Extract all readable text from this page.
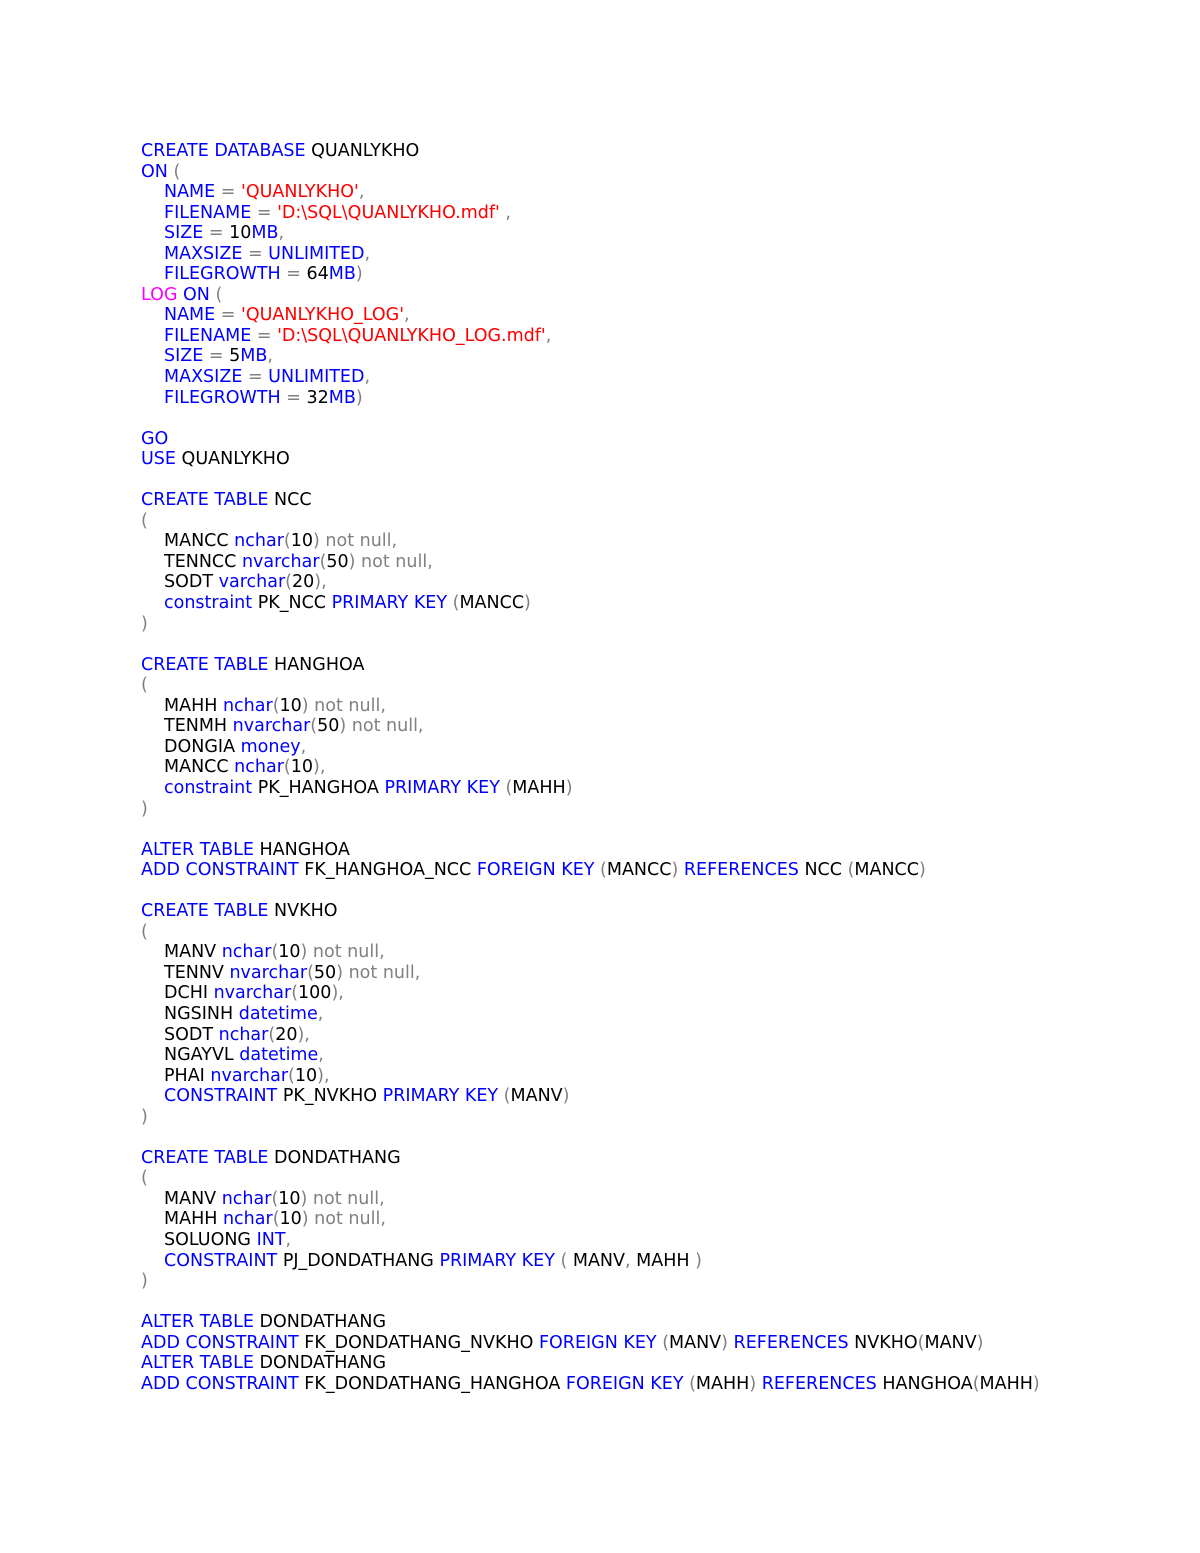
CREATE DATABASE QUANLYKHO
ON (
NAME = 'QUANLYKHO',
FILENAME = 'D:\SQL\QUANLYKHO.mdf' ,
SIZE = 10MB,
MAXSIZE = UNLIMITED,
FILEGROWTH = 64MB)
LOG ON (
NAME = 'QUANLYKHO_LOG',
FILENAME = 'D:\SQL\QUANLYKHO_LOG.mdf',
SIZE = 5MB,
MAXSIZE = UNLIMITED,
FILEGROWTH = 32MB)
GO
USE QUANLYKHO
CREATE TABLE NCC
(
MANCC nchar(10) not null,
TENNCC nvarchar(50) not null,
SODT varchar(20),
constraint PK_NCC PRIMARY KEY (MANCC)
)
CREATE TABLE HANGHOA
(
MAHH nchar(10) not null,
TENMH nvarchar(50) not null,
DONGIA money,
MANCC nchar(10),
constraint PK_HANGHOA PRIMARY KEY (MAHH)
)
ALTER TABLE HANGHOA
ADD CONSTRAINT FK_HANGHOA_NCC FOREIGN KEY (MANCC) REFERENCES NCC (MANCC)
CREATE TABLE NVKHO
(
MANV nchar(10) not null,
TENNV nvarchar(50) not null,
DCHI nvarchar(100),
NGSINH datetime,
SODT nchar(20),
NGAYVL datetime,
PHAI nvarchar(10),
CONSTRAINT PK_NVKHO PRIMARY KEY (MANV)
)
CREATE TABLE DONDATHANG
(
MANV nchar(10) not null,
MAHH nchar(10) not null,
SOLUONG INT,
CONSTRAINT PJ_DONDATHANG PRIMARY KEY ( MANV, MAHH )
)
ALTER TABLE DONDATHANG
ADD CONSTRAINT FK_DONDATHANG_NVKHO FOREIGN KEY (MANV) REFERENCES NVKHO(MANV)
ALTER TABLE DONDATHANG
ADD CONSTRAINT FK_DONDATHANG_HANGHOA FOREIGN KEY (MAHH) REFERENCES HANGHOA(MAHH)
